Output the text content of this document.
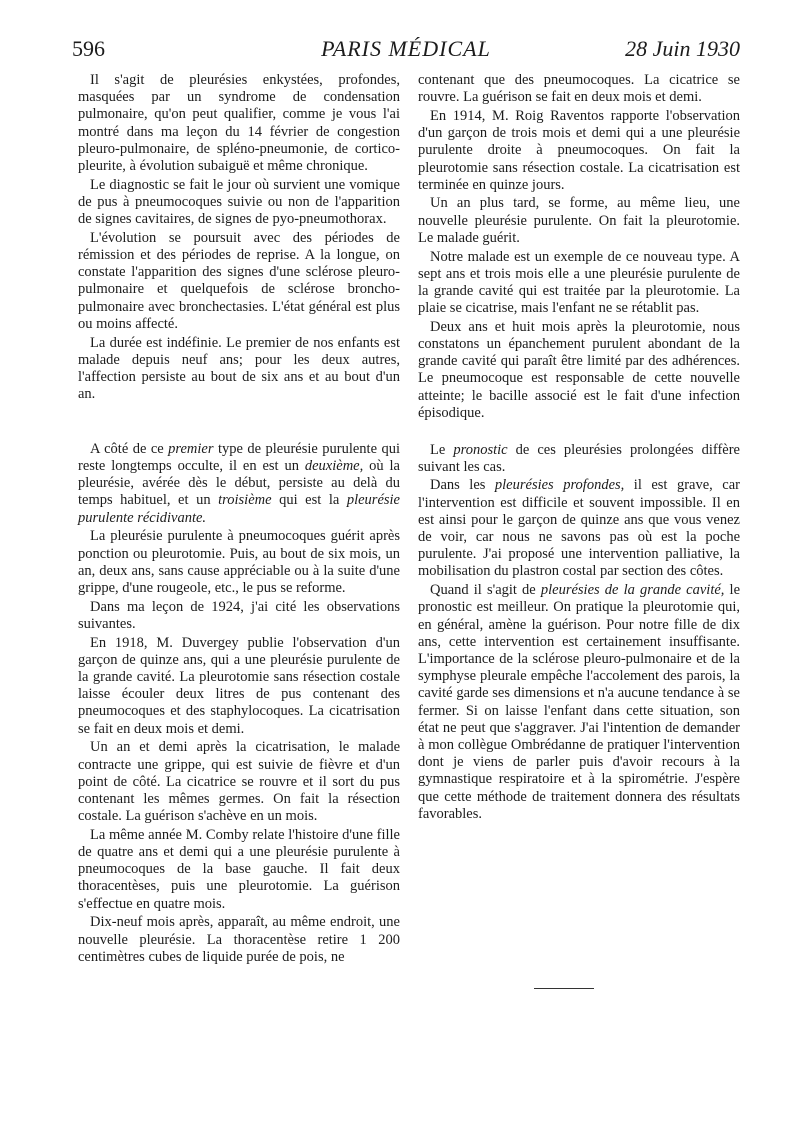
596	PARIS MÉDICAL	28 Juin 1930

Il s'agit de pleurésies enkystées, profondes, masquées par un syndrome de condensation pulmonaire, qu'on peut qualifier, comme je vous l'ai montré dans ma leçon du 14 février de congestion pleuro-pulmonaire, de spléno-pneumonie, de cortico-pleurite, à évolution subaiguë et même chronique.

Le diagnostic se fait le jour où survient une vomique de pus à pneumocoques suivie ou non de l'apparition de signes cavitaires, de signes de pyo-pneumothorax.

L'évolution se poursuit avec des périodes de rémission et des périodes de reprise. A la longue, on constate l'apparition des signes d'une sclérose pleuro-pulmonaire et quelquefois de sclérose broncho-pulmonaire avec bronchectasies. L'état général est plus ou moins affecté.

La durée est indéfinie. Le premier de nos enfants est malade depuis neuf ans; pour les deux autres, l'affection persiste au bout de six ans et au bout d'un an.

A côté de ce premier type de pleurésie purulente qui reste longtemps occulte, il en est un deuxième, où la pleurésie, avérée dès le début, persiste au delà du temps habituel, et un troisième qui est la pleurésie purulente récidivante.

La pleurésie purulente à pneumocoques guérit après ponction ou pleurotomie. Puis, au bout de six mois, un an, deux ans, sans cause appréciable ou à la suite d'une grippe, d'une rougeole, etc., le pus se reforme.

Dans ma leçon de 1924, j'ai cité les observations suivantes.

En 1918, M. Duvergey publie l'observation d'un garçon de quinze ans, qui a une pleurésie purulente de la grande cavité. La pleurotomie sans résection costale laisse écouler deux litres de pus contenant des pneumocoques et des staphylocoques. La cicatrisation se fait en deux mois et demi.

Un an et demi après la cicatrisation, le malade contracte une grippe, qui est suivie de fièvre et d'un point de côté. La cicatrice se rouvre et il sort du pus contenant les mêmes germes. On fait la résection costale. La guérison s'achève en un mois.

La même année M. Comby relate l'histoire d'une fille de quatre ans et demi qui a une pleurésie purulente à pneumocoques de la base gauche. Il fait deux thoracentèses, puis une pleurotomie. La guérison s'effectue en quatre mois.

Dix-neuf mois après, apparaît, au même endroit, une nouvelle pleurésie. La thoracentèse retire 1 200 centimètres cubes de liquide purée de pois, ne

contenant que des pneumocoques. La cicatrice se rouvre. La guérison se fait en deux mois et demi.

En 1914, M. Roig Raventos rapporte l'observation d'un garçon de trois mois et demi qui a une pleurésie purulente droite à pneumocoques. On fait la pleurotomie sans résection costale. La cicatrisation est terminée en quinze jours.

Un an plus tard, se forme, au même lieu, une nouvelle pleurésie purulente. On fait la pleurotomie. Le malade guérit.

Notre malade est un exemple de ce nouveau type. A sept ans et trois mois elle a une pleurésie purulente de la grande cavité qui est traitée par la pleurotomie. La plaie se cicatrise, mais l'enfant ne se rétablit pas.

Deux ans et huit mois après la pleurotomie, nous constatons un épanchement purulent abondant de la grande cavité qui paraît être limité par des adhérences. Le pneumocoque est responsable de cette nouvelle atteinte; le bacille associé est le fait d'une infection épisodique.

Le pronostic de ces pleurésies prolongées diffère suivant les cas.

Dans les pleurésies profondes, il est grave, car l'intervention est difficile et souvent impossible. Il en est ainsi pour le garçon de quinze ans que vous venez de voir, car nous ne savons pas où est la poche purulente. J'ai proposé une intervention palliative, la mobilisation du plastron costal par section des côtes.

Quand il s'agit de pleurésies de la grande cavité, le pronostic est meilleur. On pratique la pleurotomie qui, en général, amène la guérison. Pour notre fille de dix ans, cette intervention est certainement insuffisante. L'importance de la sclérose pleuro-pulmonaire et de la symphyse pleurale empêche l'accolement des parois, la cavité garde ses dimensions et n'a aucune tendance à se fermer. Si on laisse l'enfant dans cette situation, son état ne peut que s'aggraver. J'ai l'intention de demander à mon collègue Ombrédanne de pratiquer l'intervention dont je viens de parler puis d'avoir recours à la gymnastique respiratoire et à la spirométrie. J'espère que cette méthode de traitement donnera des résultats favorables.
